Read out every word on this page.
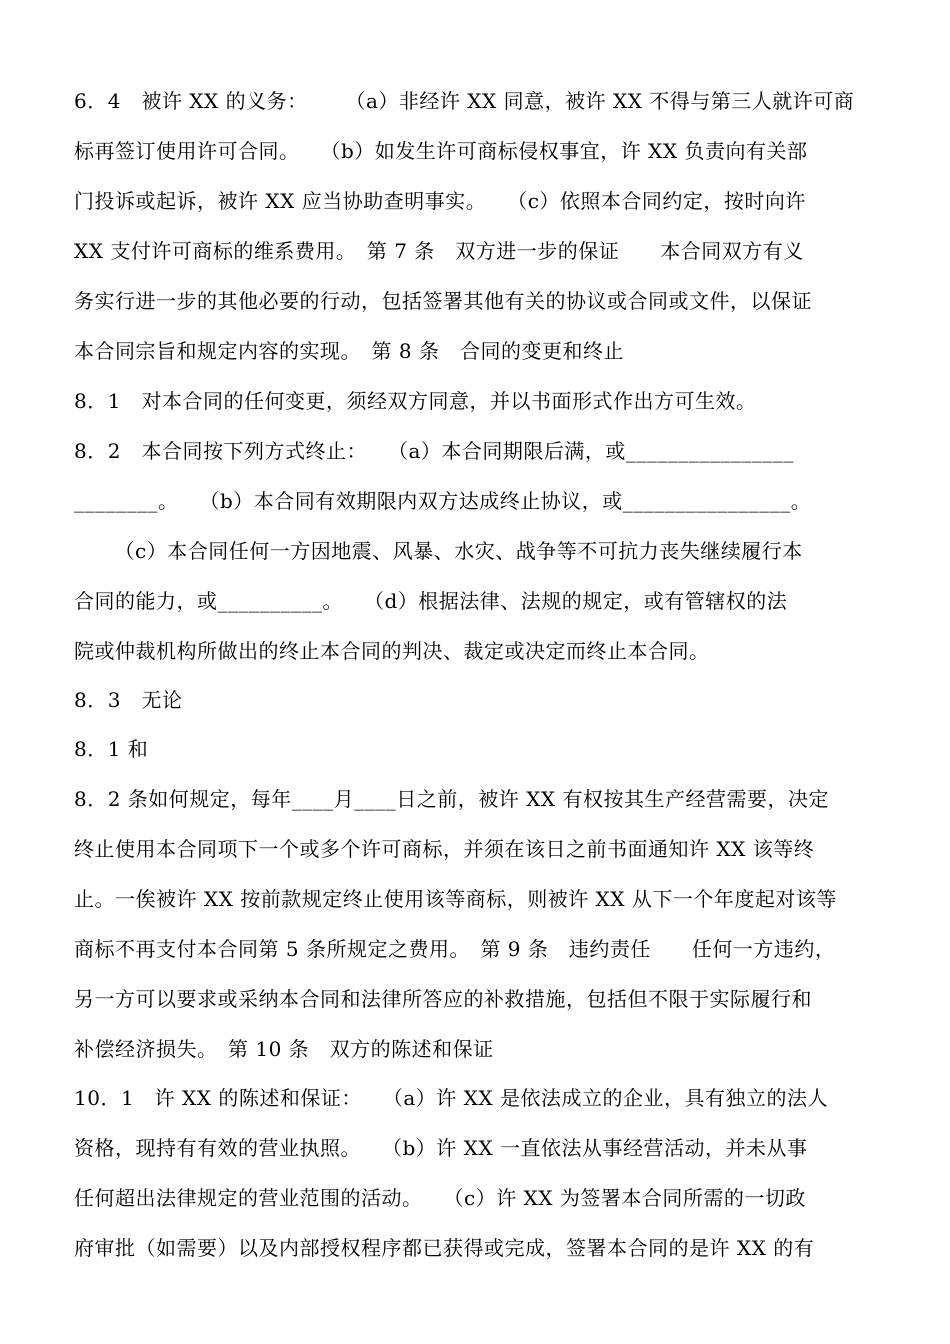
6．4　被许 XX 的义务：　　 （a）非经许 XX 同意，被许 XX 不得与第三人就许可商
标再签订使用许可合同。　　（b）如发生许可商标侵权事宜，许 XX 负责向有关部
门投诉或起诉，被许 XX 应当协助查明事实。　　（c）依照本合同约定，按时向许
XX 支付许可商标的维系费用。　第 7 条　双方进一步的保证　　本合同双方有义
务实行进一步的其他必要的行动，包括签署其他有关的协议或合同或文件，以保证
本合同宗旨和规定内容的实现。　第 8 条　合同的变更和终止
8．1　对本合同的任何变更，须经双方同意，并以书面形式作出方可生效。
8．2　本合同按下列方式终止：　　（a）本合同期限后满，或________________
________。　　（b）本合同有效期限内双方达成终止协议，或________________。
　（c）本合同任何一方因地震、风暴、水灾、战争等不可抗力丧失继续履行本
合同的能力，或__________。　　（d）根据法律、法规的规定，或有管辖权的法
院或仲裁机构所做出的终止本合同的判决、裁定或决定而终止本合同。
8．3　无论
8．1 和
8．2 条如何规定，每年____月____日之前，被许 XX 有权按其生产经营需要，决定
终止使用本合同项下一个或多个许可商标，并须在该日之前书面通知许 XX 该等终
止。一俟被许 XX 按前款规定终止使用该等商标，则被许 XX 从下一个年度起对该等
商标不再支付本合同第 5 条所规定之费用。　第 9 条　违约责任　　任何一方违约，
另一方可以要求或采纳本合同和法律所答应的补救措施，包括但不限于实际履行和
补偿经济损失。　第 10 条　双方的陈述和保证
10．1　许 XX 的陈述和保证：　　（a）许 XX 是依法成立的企业，具有独立的法人
资格，现持有有效的营业执照。　　（b）许 XX 一直依法从事经营活动，并未从事
任何超出法律规定的营业范围的活动。　　（c）许 XX 为签署本合同所需的一切政
府审批（如需要）以及内部授权程序都已获得或完成，签署本合同的是许 XX 的有
